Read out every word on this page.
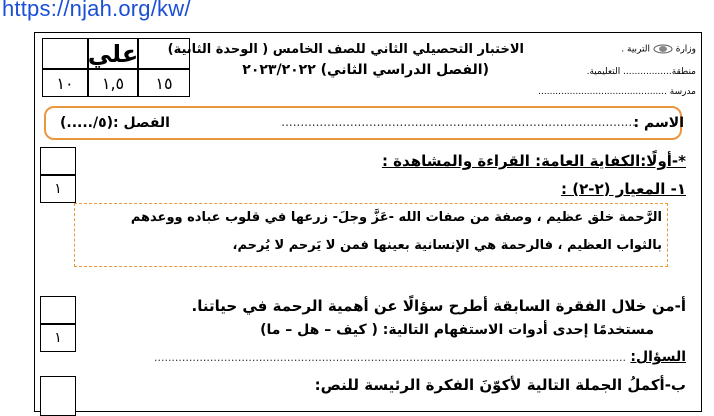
https://njah.org/kw/
علي
١٠ ١,٥ ١٥
الاختبار التحصيلي الثاني للصف الخامس ( الوحدة الثانية)
(الفصل الدراسي الثاني) ٢٠٢٣/٢٠٢٢
وزارة  التربية .
منطقة................. التعليمية.
مدرسة .............................................
الاسم :
.............................................................................................
الفصل :(٥/.....)
١
*-أولًا:الكفاية العامة: القراءة والمشاهدة :
١- المعيار (٢-٢) :
الرَّحمة خلق عظيم ، وصفة من صفات الله -عَزَّ وجلَ- زرعها في قلوب عباده ووعدهم
بالثواب العظيم ، فالرحمة هي الإنسانية بعينها فمن لا يَرحم لا يُرحم،
١
أ-من خلال الفقرة السابقة أطرح سؤالًا عن أهمية الرحمة في حياتنا.
مستخدمًا إحدى أدوات الاستفهام التالية: ( كيف – هل – ما)
السؤال:
.......................................................................................................................................
ب-أكملُ الجملة التالية لأكوّنَ الفكرة الرئيسة للنص:
